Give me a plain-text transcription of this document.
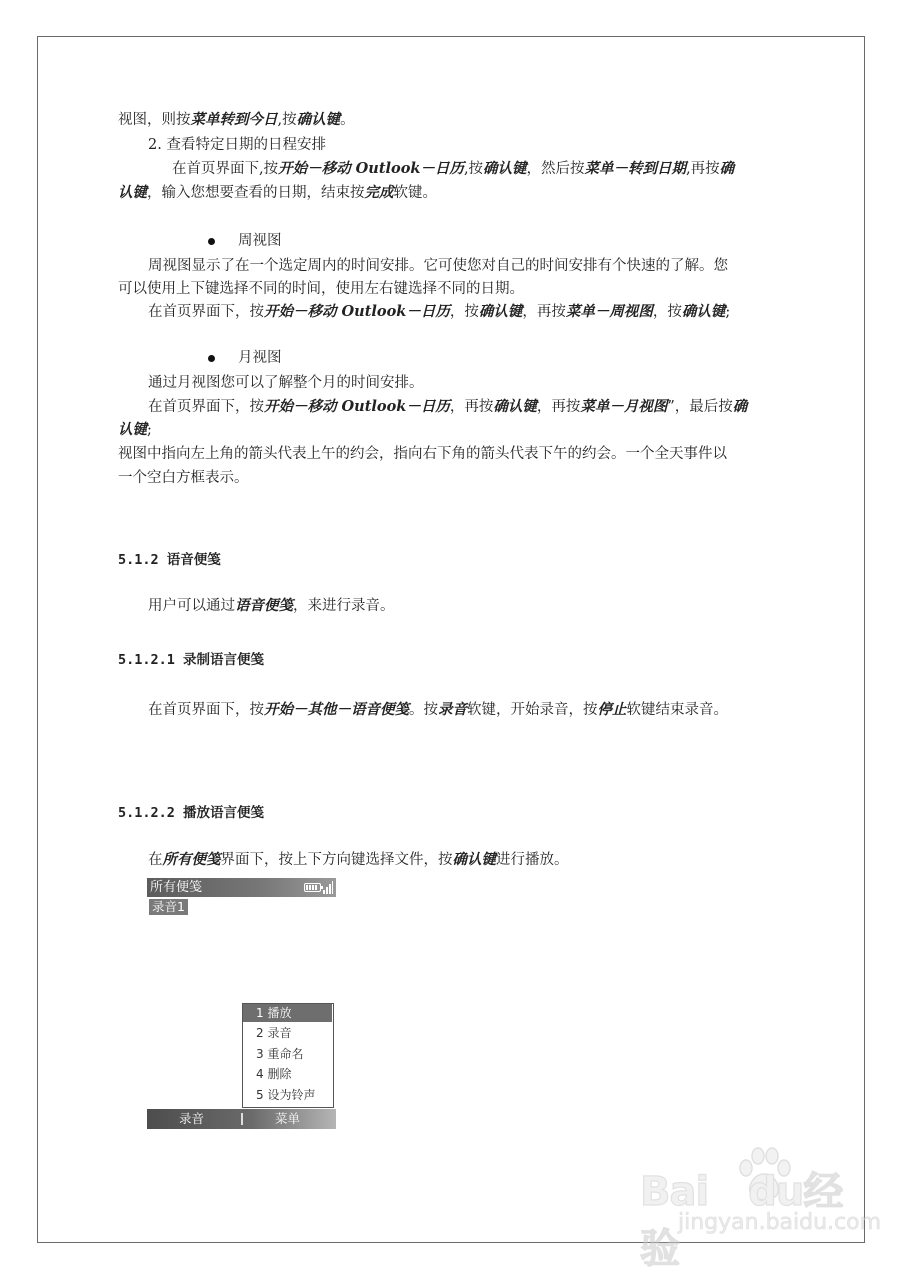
视图，则按菜单转到今日,按确认键。
2. 查看特定日期的日程安排
在首页界面下,按开始－移动 Outlook－日历,按确认键，然后按菜单－转到日期,再按确
认键，输入您想要查看的日期，结束按完成软键。
周视图
周视图显示了在一个选定周内的时间安排。它可使您对自己的时间安排有个快速的了解。您
可以使用上下键选择不同的时间，使用左右键选择不同的日期。
在首页界面下，按开始－移动 Outlook－日历，按确认键，再按菜单－周视图，按确认键;
月视图
通过月视图您可以了解整个月的时间安排。
在首页界面下，按开始－移动 Outlook－日历，再按确认键，再按菜单－月视图”，最后按确
认键;
视图中指向左上角的箭头代表上午的约会，指向右下角的箭头代表下午的约会。一个全天事件以
一个空白方框表示。
5.1.2 语音便笺
用户可以通过语音便笺，来进行录音。
5.1.2.1 录制语言便笺
在首页界面下，按开始－其他－语音便笺。按录音软键，开始录音，按停止软键结束录音。
5.1.2.2 播放语言便笺
在所有便笺界面下，按上下方向键选择文件，按确认键进行播放。
所有便笺
录音1
1 播放
2 录音
3 重命名
4 删除
5 设为铃声
录音	菜单
Bai du经验
jingyan.baidu.com
